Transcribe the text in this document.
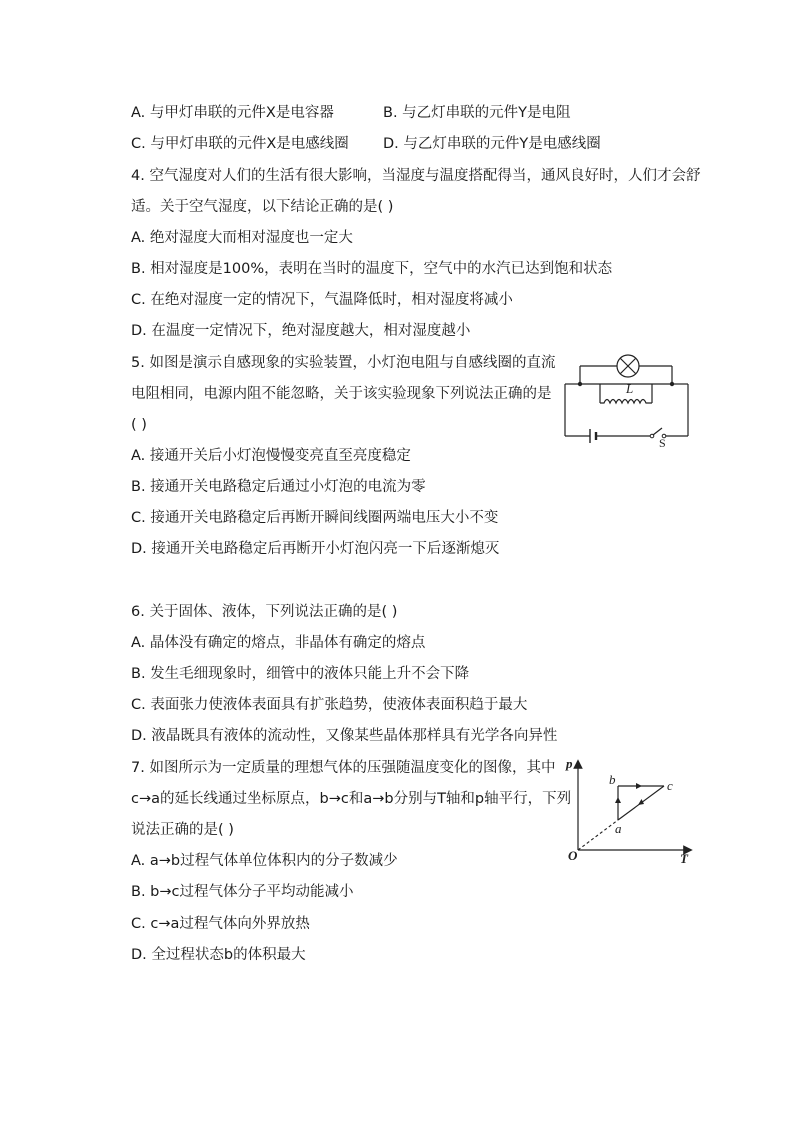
A. 与甲灯串联的元件X是电容器	B. 与乙灯串联的元件Y是电阻
C. 与甲灯串联的元件X是电感线圈 D. 与乙灯串联的元件Y是电感线圈
4. 空气湿度对人们的生活有很大影响，当湿度与温度搭配得当，通风良好时，人们才会舒
适。关于空气湿度，以下结论正确的是( )
A. 绝对湿度大而相对湿度也一定大
B. 相对湿度是100%，表明在当时的温度下，空气中的水汽已达到饱和状态
C. 在绝对湿度一定的情况下，气温降低时，相对湿度将减小
D. 在温度一定情况下，绝对湿度越大，相对湿度越小
5. 如图是演示自感现象的实验装置，小灯泡电阻与自感线圈的直流
电阻相同，电源内阻不能忽略，关于该实验现象下列说法正确的是
( )
A. 接通开关后小灯泡慢慢变亮直至亮度稳定
B. 接通开关电路稳定后通过小灯泡的电流为零
C. 接通开关电路稳定后再断开瞬间线圈两端电压大小不变
D. 接通开关电路稳定后再断开小灯泡闪亮一下后逐渐熄灭
L
S
6. 关于固体、液体，下列说法正确的是( )
A. 晶体没有确定的熔点，非晶体有确定的熔点
B. 发生毛细现象时，细管中的液体只能上升不会下降
C. 表面张力使液体表面具有扩张趋势，使液体表面积趋于最大
D. 液晶既具有液体的流动性，又像某些晶体那样具有光学各向异性
7. 如图所示为一定质量的理想气体的压强随温度变化的图像，其中
c→a的延长线通过坐标原点，b→c和a→b分别与T轴和p轴平行，下列
说法正确的是( )
A. a→b过程气体单位体积内的分子数减少
B. b→c过程气体分子平均动能减小
C. c→a过程气体向外界放热
D. 全过程状态b的体积最大
p
T
O
b	c
a
